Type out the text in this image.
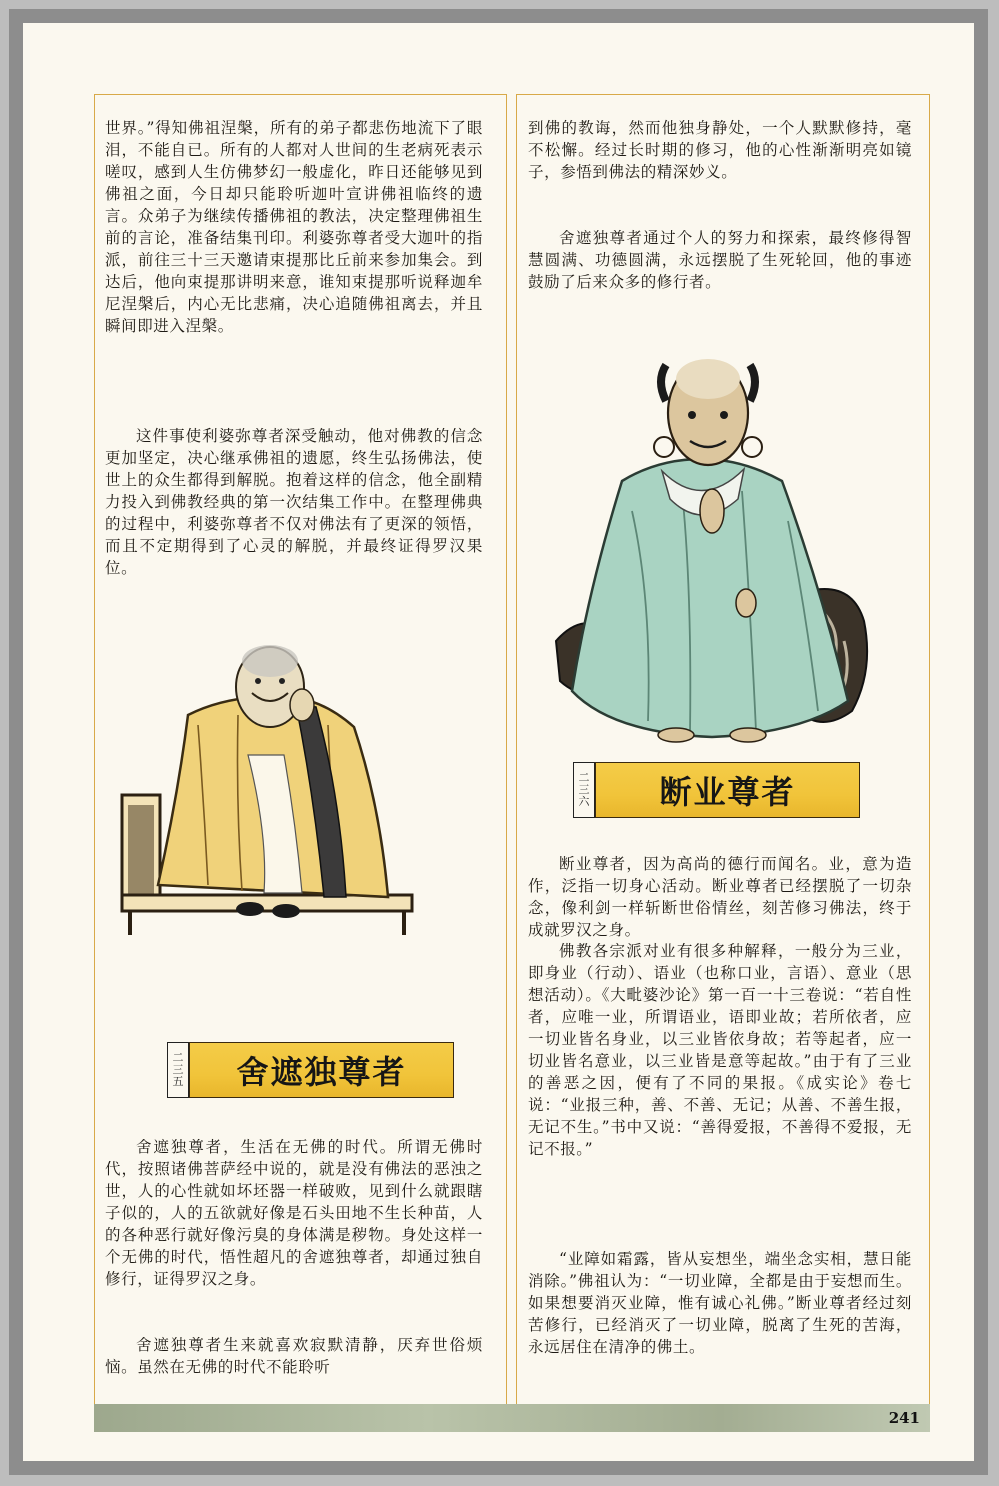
世界。”得知佛祖涅槃，所有的弟子都悲伤地流下了眼泪，不能自已。所有的人都对人世间的生老病死表示嗟叹，感到人生仿佛梦幻一般虚化，昨日还能够见到佛祖之面，今日却只能聆听迦叶宣讲佛祖临终的遗言。众弟子为继续传播佛祖的教法，决定整理佛祖生前的言论，准备结集刊印。利婆弥尊者受大迦叶的指派，前往三十三天邀请束提那比丘前来参加集会。到达后，他向束提那讲明来意，谁知束提那听说释迦牟尼涅槃后，内心无比悲痛，决心追随佛祖离去，并且瞬间即进入涅槃。

这件事使利婆弥尊者深受触动，他对佛教的信念更加坚定，决心继承佛祖的遗愿，终生弘扬佛法，使世上的众生都得到解脱。抱着这样的信念，他全副精力投入到佛教经典的第一次结集工作中。在整理佛典的过程中，利婆弥尊者不仅对佛法有了更深的领悟，而且不定期得到了心灵的解脱，并最终证得罗汉果位。

二
三
五	舍遮独尊者

舍遮独尊者，生活在无佛的时代。所谓无佛时代，按照诸佛菩萨经中说的，就是没有佛法的恶浊之世，人的心性就如坏坯器一样破败，见到什么就跟瞎子似的，人的五欲就好像是石头田地不生长种苗，人的各种恶行就好像污臭的身体满是秽物。身处这样一个无佛的时代，悟性超凡的舍遮独尊者，却通过独自修行，证得罗汉之身。

舍遮独尊者生来就喜欢寂默清静，厌弃世俗烦恼。虽然在无佛的时代不能聆听

到佛的教诲，然而他独身静处，一个人默默修持，毫不松懈。经过长时期的修习，他的心性渐渐明亮如镜子，参悟到佛法的精深妙义。

舍遮独尊者通过个人的努力和探索，最终修得智慧圆满、功德圆满，永远摆脱了生死轮回，他的事迹鼓励了后来众多的修行者。

二
三
六	断业尊者

断业尊者，因为高尚的德行而闻名。业，意为造作，泛指一切身心活动。断业尊者已经摆脱了一切杂念，像利剑一样斩断世俗情丝，刻苦修习佛法，终于成就罗汉之身。

佛教各宗派对业有很多种解释，一般分为三业，即身业（行动）、语业（也称口业，言语）、意业（思想活动）。《大毗婆沙论》第一百一十三卷说：“若自性者，应唯一业，所谓语业，语即业故；若所依者，应一切业皆名身业，以三业皆依身故；若等起者，应一切业皆名意业，以三业皆是意等起故。”由于有了三业的善恶之因，便有了不同的果报。《成实论》卷七说：“业报三种，善、不善、无记；从善、不善生报，无记不生。”书中又说：“善得爱报，不善得不爱报，无记不报。”

“业障如霜露，皆从妄想坐，端坐念实相，慧日能消除。”佛祖认为：“一切业障，全都是由于妄想而生。如果想要消灭业障，惟有诚心礼佛。”断业尊者经过刻苦修行，已经消灭了一切业障，脱离了生死的苦海，永远居住在清净的佛土。

241
